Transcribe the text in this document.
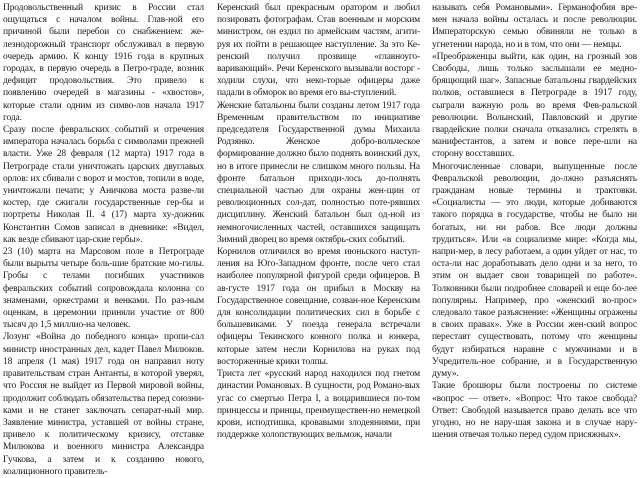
Продовольственный кризис в России стал ощущаться с началом войны. Глав-ной его причиной были перебои со снабжением: же-лезнодорожный транспорт обслуживал в первую очередь армию. К концу 1916 года в крупных городах, в первую очередь в Петро-граде, возник дефицит продовольствия. Это привело к появлению очередей в магазины - «хвостов», которые стали одним из симво-лов начала 1917 года.

Сразу после февральских событий и отречения императора началась борьба с символами прежней власти. Уже 28 февраля (12 марта) 1917 года в Петрограде стали уничтожать царских двуглавых орлов: их сбивали с ворот и мостов, топили в воде, уничтожали печати; у Аничкова моста разве-ли костер, где сжигали государственные гер-бы и портреты Николая II. 4 (17) марта ху-дожник Константин Сомов записал в дневнике: «Видел, как везде сбивают цар-ские гербы».

23 (10) марта на Марсовом поле в Петрограде были вырыты четыре боль-шие братские мо-гилы. Гробы с телами погибших участников февральских событий сопровождала колонна со знаменами, оркестрами и венками. По раз-ным оценкам, в церемонии приняли участие от 800 тысяч до 1,5 миллио-на человек.

Лозунг «Война до победного конца» пропи-сал министр иностранных дел, кадет Павел Милюков. 18 апреля (1 мая) 1917 года он направил ноту правительствам стран Антанты, в которой уверял, что Россия не выйдет из Первой мировой войны, продолжит соблюдать обязательства перед союзни-ками и не станет заключать сепарат-ный мир. Заявление министра, уставшей от войны стране, привело к политическому кризису, отставке Милюкова и военного министра Александра Гучкова, а затем и к созданию нового, коалиционного правитель-

Керенский был прекрасным оратором и любил позировать фотографам. Став военным и морским министром, он ездил по армейским частям, агити-руя их пойти в решающее наступление. За это Ке-ренский получил прозвище «главноуго-варивающий». Речи Керенского вызывали восторг - ходили слухи, что неко-торые офицеры даже падали в обморок во время его вы-ступлений.

Женские батальоны были созданы летом 1917 года Временным правительством по инициативе председателя Государственной думы Михаила Родзянко. Женское добро-вольческое формирование должно было поднять воинский дух, но в итоге принесли не слишком много пользы. На фронте батальон приходи-лось до-полнять специальной частью для охраны жен-щин от революционных сол-дат, полностью поте-рявших дисциплину. Женский батальон был од-ной из немногочисленных частей, оставшихся защищать Зимний дворец во время октябрь-ских событий.

Корнилов отличился во время июньского наступ-ления на Юго-Западном фронте, после чего стал наиболее популярной фигурой среди офицеров. В ав-густе 1917 года он прибыл в Москву на Государственное совещание, созван-ное Керенским для консолидации политических сил в борьбе с большевиками. У поезда генерала встречали офицеры Текинского конного полка и юнкера, которые затем несли Корнилова на руках под восторженные крики толпы.

Триста лет «русский народ находился под гнетом династии Романовых. В сущности, род Романо-вых угас со смертью Петра I, а воцарившиеся по-том принцессы и принцы, преимуществен-но немецкой крови, исподтишка, кровавыми злодеяниями, при поддержке холопствующих вельмож, начали

называть себя Романовыми». Германофобия вре-мен начала войны осталась и после революции. Императорскую семью обвиняли не только в угнетении народа, но и в том, что они — немцы.

«Преображенцы выйти, как один, на грозный зов Свободы, лишь только заслышали ее медно-брящющий шаг». Запасные батальоны гвардейских полков, оставшиеся в Петрограде в 1917 году, сыграли важную роль во время Фев-ральской революции. Волынский, Павловский и другие гвардейские полки сначала отказались стрелять в манифестантов, а затем и вовсе пере-шли на сторону восставших.

Многочисленные словари, выпущенные после Февральской революции, до-лжно разъяснять гражданам новые термины и трактовки. «Социалисты — это люди, которые добиваются такого порядка в государстве, чтобы не было ни богатых, ни ни рабов. Все люди должны трудиться». Или «в социализме мире: «Когда мы, напри-мер, в лесу работаем, а один уйдет от нас, то оста-ли нас доработывать дело одни и за него, то этим он выдает свои товарищей по работе». Толковники были подробнее словарей и еще бо-лее популярны. Например, про «женский во-прос» следовало такое разъяснение: «Женщины огражены в своих правах». Уже в России жен-ский вопрос переставт существовать, потому что женщины будут избираться наравне с мужчинами и в Учредитель-ное собрание, и в Государственную думу».

Такие брошюры были построены по системе «вопрос — ответ». «Вопрос: Что такое свобода? Ответ: Свободой называется право делать все что угодно, но не нару-шая закона и в случае нару-шения отвечая только перед судом присяжных».
